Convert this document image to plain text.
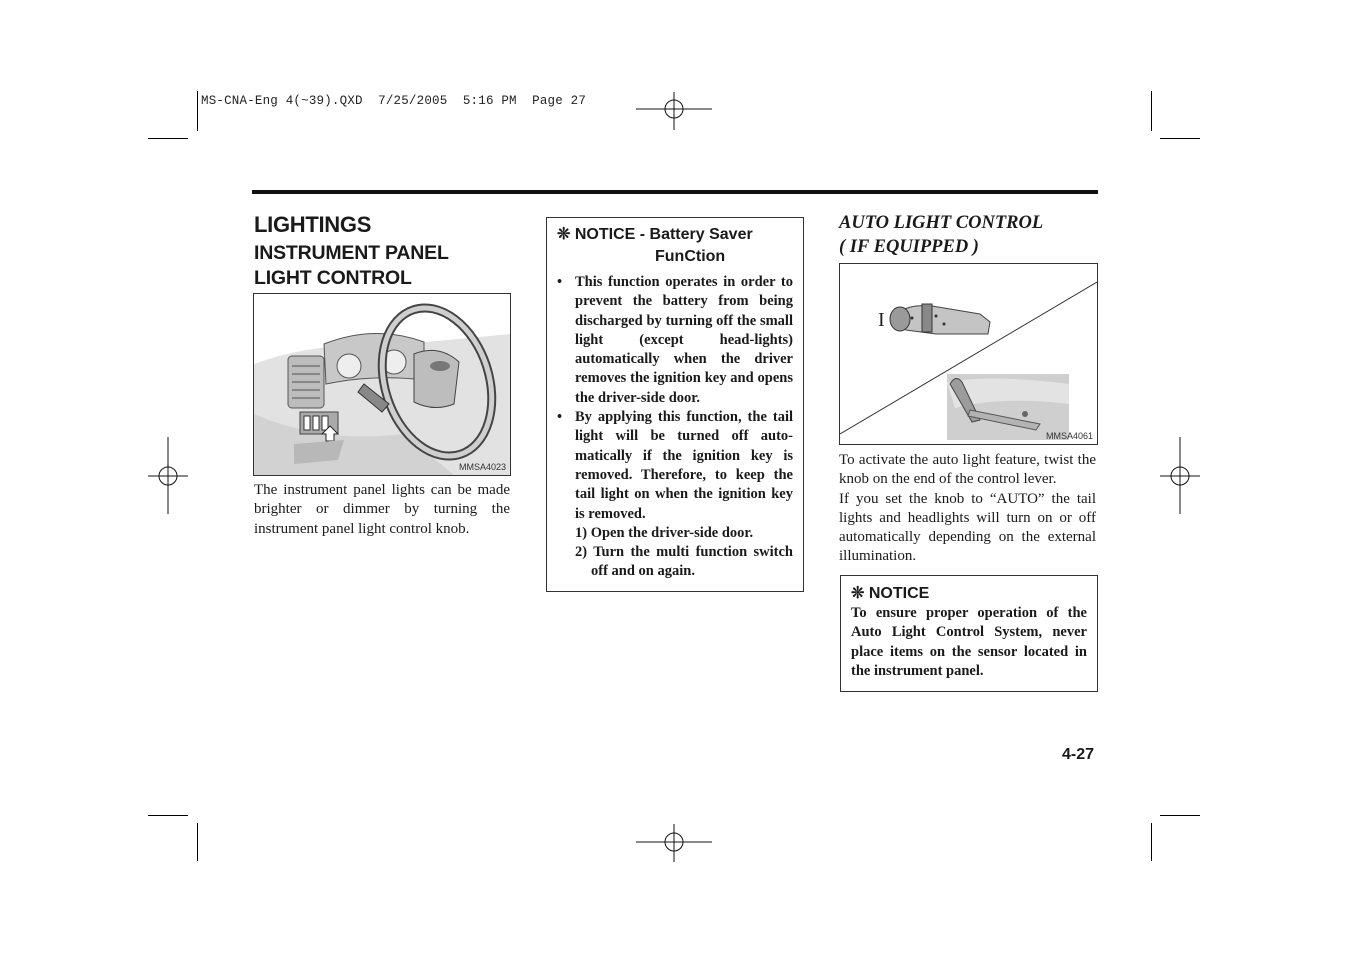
MS-CNA-Eng 4(~39).QXD  7/25/2005  5:16 PM  Page 27
LIGHTINGS
INSTRUMENT PANEL
LIGHT CONTROL
MMSA4023

The instrument panel lights can be made brighter or dimmer by turning the instrument panel light control knob.

❊ NOTICE - Battery Saver
FunCtion
• This function operates in order to prevent the battery from being discharged by turning off the small light (except head-lights) automatically when the driver removes the ignition key and opens the driver-side door.
• By applying this function, the tail light will be turned off auto-matically if the ignition key is removed. Therefore, to keep the tail light on when the ignition key is removed.
1) Open the driver-side door.
2) Turn the multi function switch off and on again.
AUTO LIGHT CONTROL
( IF EQUIPPED )
I
MMSA4061
To activate the auto light feature, twist the knob on the end of the control lever.
If you set the knob to “AUTO” the tail lights and headlights will turn on or off automatically depending on the external illumination.
❊ NOTICE
To ensure proper operation of the Auto Light Control System, never place items on the sensor located in the instrument panel.
4-27
